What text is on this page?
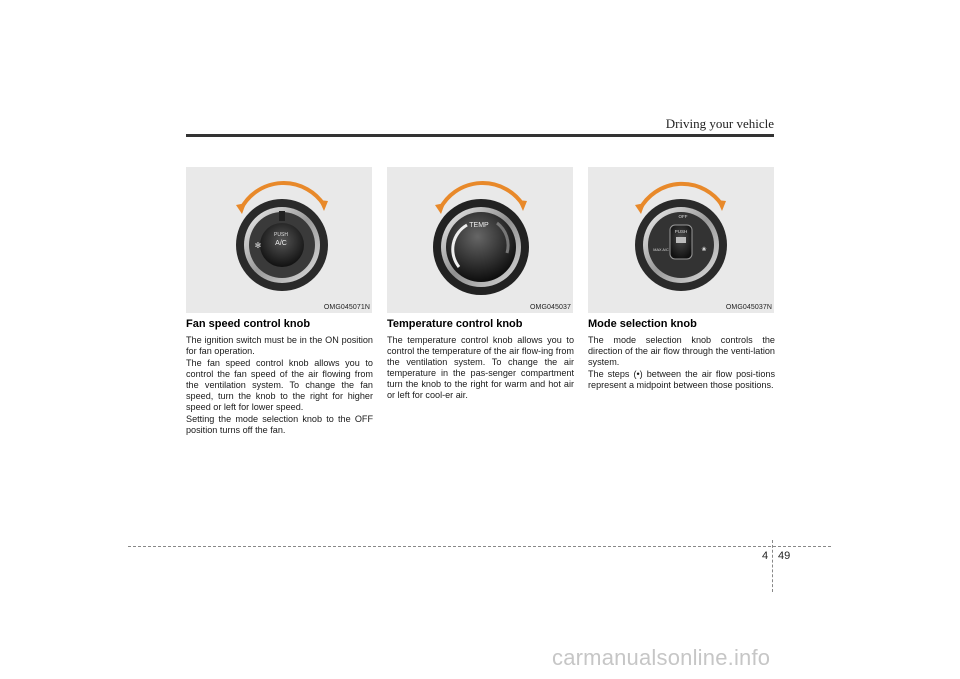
Driving your vehicle
PUSH
A/C
✻
OMG045071N
TEMP
OMG045037
PUSH
OFF
MAX A/C	❀
OMG045037N
Fan speed control knob

The ignition switch must be in the ON position for fan operation.

The fan speed control knob allows you to control the fan speed of the air flowing from the ventilation system. To change the fan speed, turn the knob to the right for higher speed or left for lower speed.

Setting the mode selection knob to the OFF position turns off the fan.

Temperature control knob

The temperature control knob allows you to control the temperature of the air flow-ing from the ventilation system. To change the air temperature in the pas-senger compartment turn the knob to the right for warm and hot air or left for cool-er air.

Mode selection knob

The mode selection knob controls the direction of the air flow through the venti-lation system.

The steps (•) between the air flow posi-tions represent a midpoint between those positions.

4 49
carmanualsonline.info
